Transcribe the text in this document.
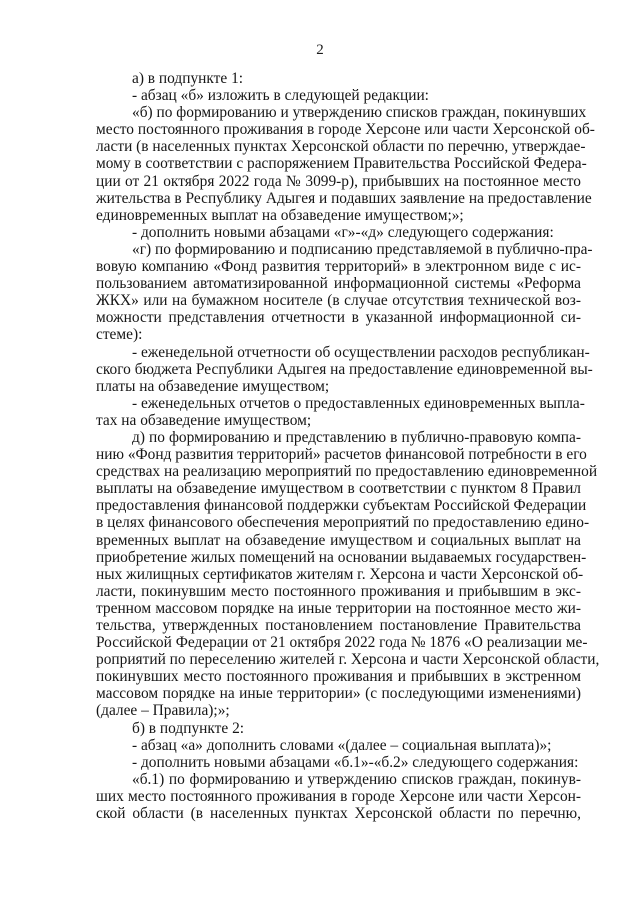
2
а) в подпункте 1:
- абзац «б» изложить в следующей редакции:
«б) по формированию и утверждению списков граждан, покинувших
место постоянного проживания в городе Херсоне или части Херсонской об-
ласти (в населенных пунктах Херсонской области по перечню, утверждае-
мому в соответствии с распоряжением Правительства Российской Федера-
ции от 21 октября 2022 года № 3099-р), прибывших на постоянное место
жительства в Республику Адыгея и подавших заявление на предоставление
единовременных выплат на обзаведение имуществом;»;
- дополнить новыми абзацами «г»-«д» следующего содержания:
«г) по формированию и подписанию представляемой в публично-пра-
вовую компанию «Фонд развития территорий» в электронном виде с ис-
пользованием автоматизированной информационной системы «Реформа
ЖКХ» или на бумажном носителе (в случае отсутствия технической воз-
можности представления отчетности в указанной информационной си-
стеме):
- еженедельной отчетности об осуществлении расходов республикан-
ского бюджета Республики Адыгея на предоставление единовременной вы-
платы на обзаведение имуществом;
- еженедельных отчетов о предоставленных единовременных выпла-
тах на обзаведение имуществом;
д) по формированию и представлению в публично-правовую компа-
нию «Фонд развития территорий» расчетов финансовой потребности в его
средствах на реализацию мероприятий по предоставлению единовременной
выплаты на обзаведение имуществом в соответствии с пунктом 8 Правил
предоставления финансовой поддержки субъектам Российской Федерации
в целях финансового обеспечения мероприятий по предоставлению едино-
временных выплат на обзаведение имуществом и социальных выплат на
приобретение жилых помещений на основании выдаваемых государствен-
ных жилищных сертификатов жителям г. Херсона и части Херсонской об-
ласти, покинувшим место постоянного проживания и прибывшим в экс-
тренном массовом порядке на иные территории на постоянное место жи-
тельства, утвержденных постановлением постановление Правительства
Российской Федерации от 21 октября 2022 года № 1876 «О реализации ме-
роприятий по переселению жителей г. Херсона и части Херсонской области,
покинувших место постоянного проживания и прибывших в экстренном
массовом порядке на иные территории» (с последующими изменениями)
(далее – Правила);»;
б) в подпункте 2:
- абзац «а» дополнить словами «(далее – социальная выплата)»;
- дополнить новыми абзацами «б.1»-«б.2» следующего содержания:
«б.1) по формированию и утверждению списков граждан, покинув-
ших место постоянного проживания в городе Херсоне или части Херсон-
ской области (в населенных пунктах Херсонской области по перечню,
